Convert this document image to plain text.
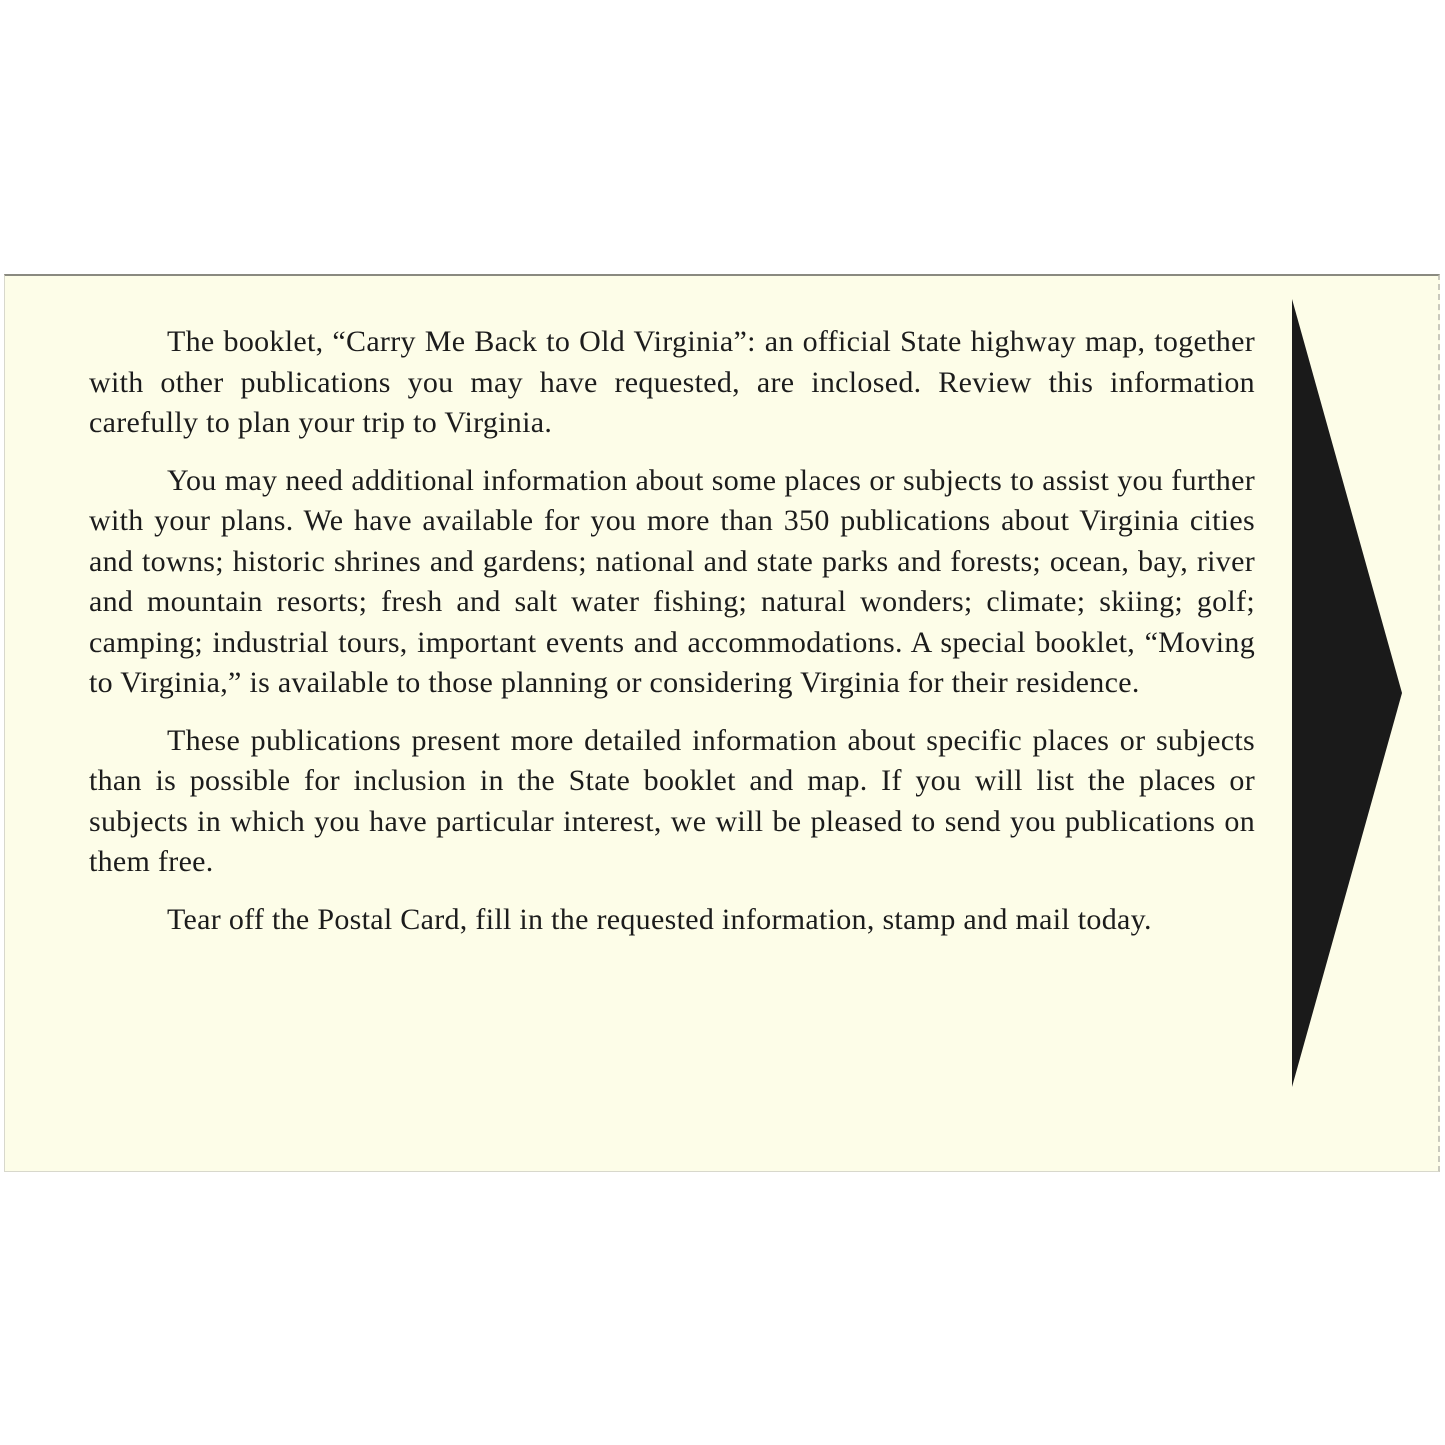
The booklet, “Carry Me Back to Old Virginia”: an official State highway map, together with other publications you may have requested, are inclosed. Review this information carefully to plan your trip to Virginia.

You may need additional information about some places or subjects to assist you further with your plans. We have available for you more than 350 publications about Virginia cities and towns; historic shrines and gardens; national and state parks and forests; ocean, bay, river and mountain resorts; fresh and salt water fishing; natural wonders; climate; skiing; golf; camping; industrial tours, important events and accommodations. A special booklet, “Moving to Virginia,” is available to those planning or considering Virginia for their residence.

These publications present more detailed information about specific places or subjects than is possible for inclusion in the State booklet and map. If you will list the places or subjects in which you have particular interest, we will be pleased to send you publications on them free.

Tear off the Postal Card, fill in the requested information, stamp and mail today.
